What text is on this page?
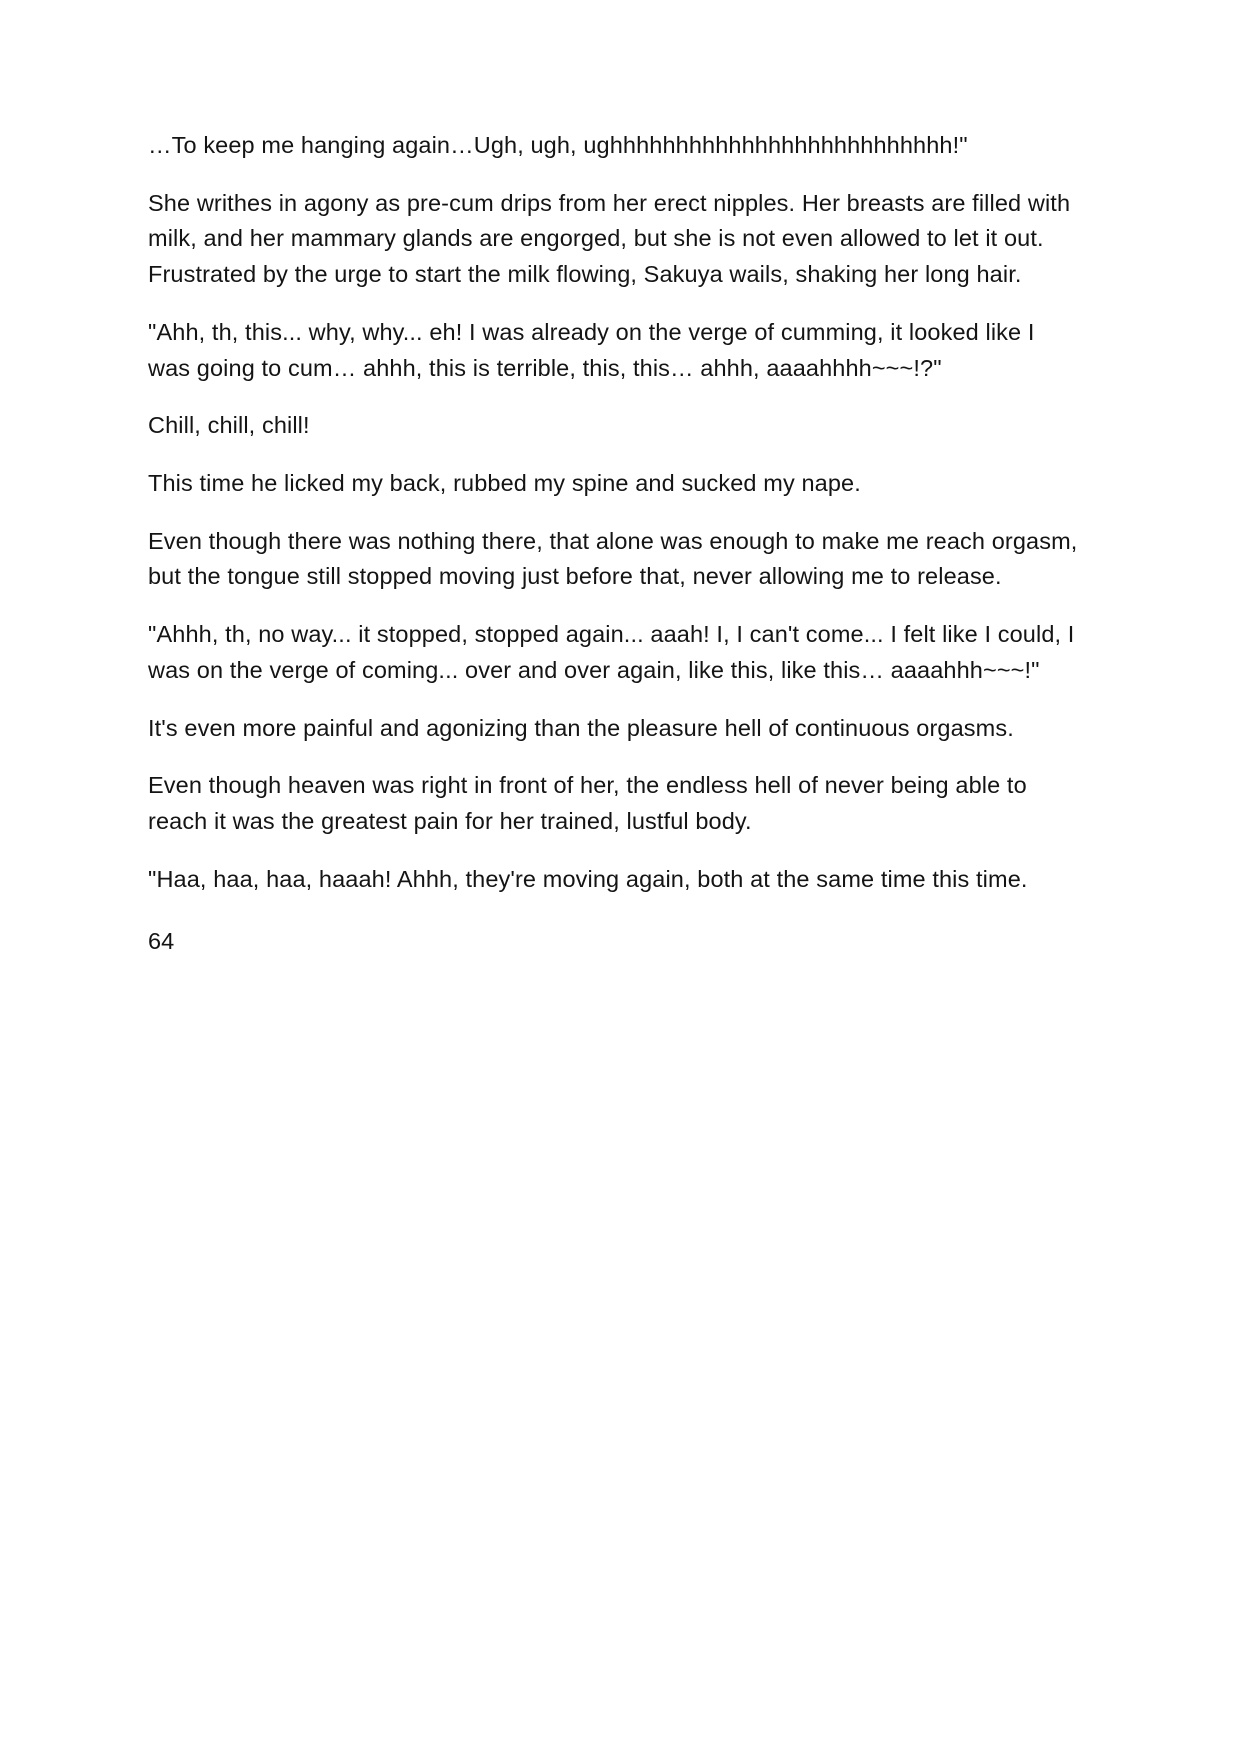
…To keep me hanging again…Ugh, ugh, ughhhhhhhhhhhhhhhhhhhhhhhhhh!"

She writhes in agony as pre-cum drips from her erect nipples. Her breasts are filled with milk, and her mammary glands are engorged, but she is not even allowed to let it out. Frustrated by the urge to start the milk flowing, Sakuya wails, shaking her long hair.

"Ahh, th, this... why, why... eh! I was already on the verge of cumming, it looked like I was going to cum… ahhh, this is terrible, this, this… ahhh, aaaahhhh~~~!?"

Chill, chill, chill!

This time he licked my back, rubbed my spine and sucked my nape.

Even though there was nothing there, that alone was enough to make me reach orgasm, but the tongue still stopped moving just before that, never allowing me to release.

"Ahhh, th, no way... it stopped, stopped again... aaah! I, I can't come... I felt like I could, I was on the verge of coming... over and over again, like this, like this… aaaahhh~~~!"

It's even more painful and agonizing than the pleasure hell of continuous orgasms.

Even though heaven was right in front of her, the endless hell of never being able to reach it was the greatest pain for her trained, lustful body.

"Haa, haa, haa, haaah! Ahhh, they're moving again, both at the same time this time.

64
